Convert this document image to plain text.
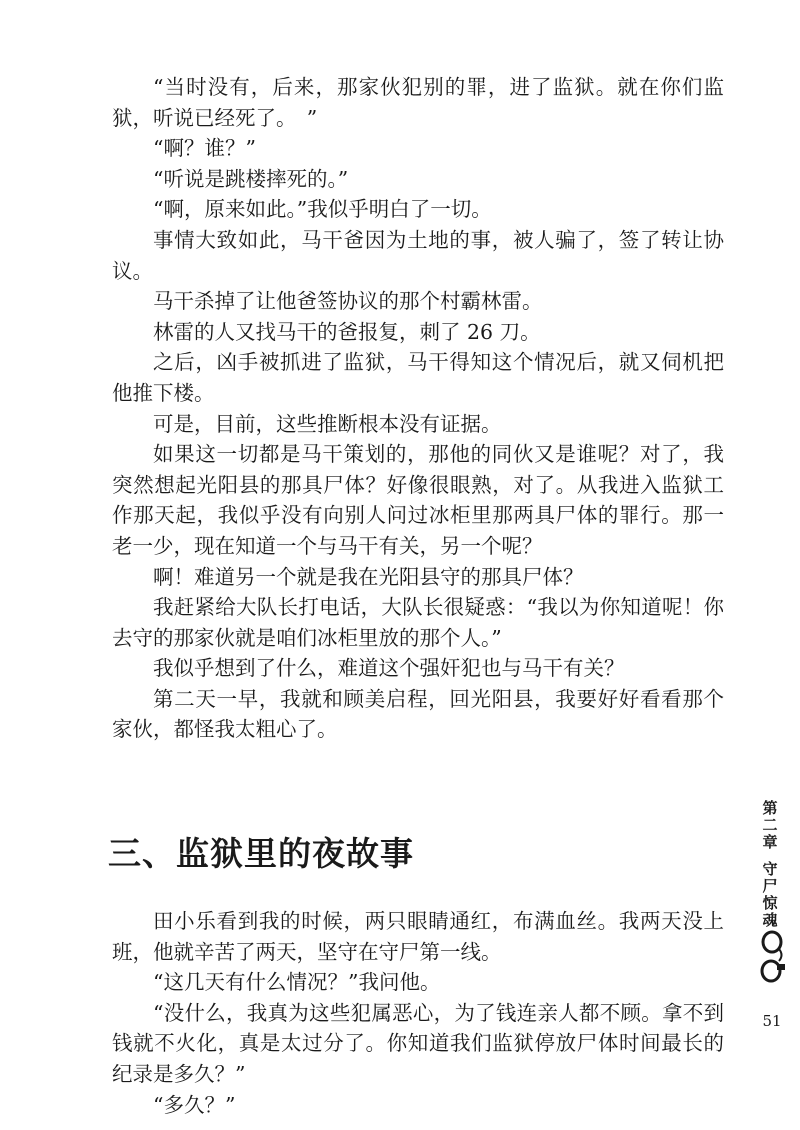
“当时没有，后来，那家伙犯别的罪，进了监狱。就在你们监狱，听说已经死了。　”

“啊？谁？”

“听说是跳楼摔死的。”

“啊，原来如此。”我似乎明白了一切。

事情大致如此，马干爸因为土地的事，被人骗了，签了转让协议。

马干杀掉了让他爸签协议的那个村霸林雷。

林雷的人又找马干的爸报复，刺了 26 刀。

之后，凶手被抓进了监狱，马干得知这个情况后，就又伺机把他推下楼。

可是，目前，这些推断根本没有证据。

如果这一切都是马干策划的，那他的同伙又是谁呢？对了，我突然想起光阳县的那具尸体？好像很眼熟，对了。从我进入监狱工作那天起，我似乎没有向别人问过冰柜里那两具尸体的罪行。那一老一少，现在知道一个与马干有关，另一个呢？

啊！难道另一个就是我在光阳县守的那具尸体？

我赶紧给大队长打电话，大队长很疑惑：“我以为你知道呢！你去守的那家伙就是咱们冰柜里放的那个人。”

我似乎想到了什么，难道这个强奸犯也与马干有关？

第二天一早，我就和顾美启程，回光阳县，我要好好看看那个家伙，都怪我太粗心了。

三、监狱里的夜故事

田小乐看到我的时候，两只眼睛通红，布满血丝。我两天没上班，他就辛苦了两天，坚守在守尸第一线。

“这几天有什么情况？”我问他。

“没什么，我真为这些犯属恶心，为了钱连亲人都不顾。拿不到钱就不火化，真是太过分了。你知道我们监狱停放尸体时间最长的纪录是多久？”

“多久？”

第
二
章
守
尸
惊
魂
51
